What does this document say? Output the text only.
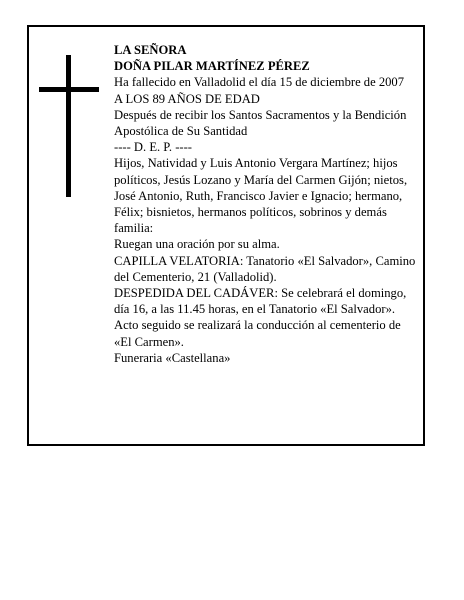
LA SEÑORA

DOÑA PILAR MARTÍNEZ PÉREZ

Ha fallecido en Valladolid el día 15 de diciembre de 2007

A LOS 89 AÑOS DE EDAD

Después de recibir los Santos Sacramentos y la Bendición Apostólica de Su Santidad

---- D. E. P. ----

Hijos, Natividad y Luis Antonio Vergara Martínez; hijos políticos, Jesús Lozano y María del Carmen Gijón; nietos, José Antonio, Ruth, Francisco Javier e Ignacio; hermano, Félix; bisnietos, hermanos políticos, sobrinos y demás familia:

Ruegan una oración por su alma.

CAPILLA VELATORIA: Tanatorio «El Salvador», Camino del Cementerio, 21 (Valladolid).

DESPEDIDA DEL CADÁVER: Se celebrará el domingo, día 16, a las 11.45 horas, en el Tanatorio «El Salvador». Acto seguido se realizará la conducción al cementerio de «El Carmen».

Funeraria «Castellana»
